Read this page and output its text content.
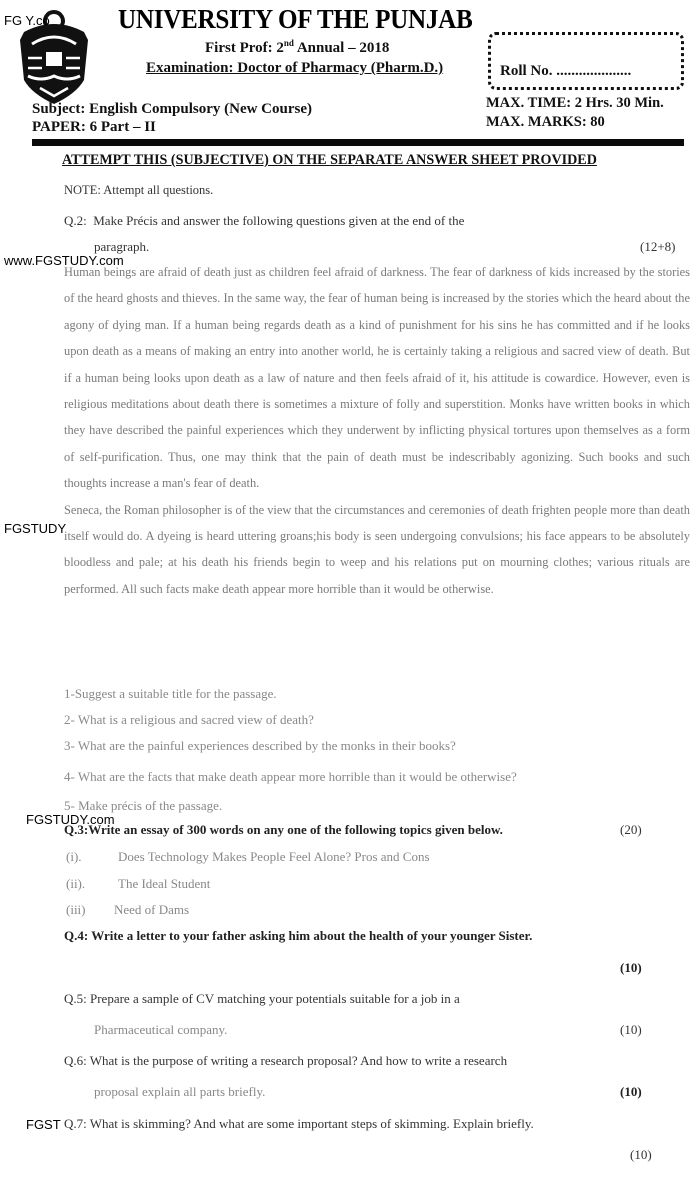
FG Y.co	UNIVERSITY OF THE PUNJAB
First Prof: 2nd Annual – 2018
Examination: Doctor of Pharmacy (Pharm.D.)	Roll No. ....................
Subject: English Compulsory (New Course)
PAPER: 6 Part – II
MAX. TIME: 2 Hrs. 30 Min.
MAX. MARKS: 80
ATTEMPT THIS (SUBJECTIVE) ON THE SEPARATE ANSWER SHEET PROVIDED
NOTE: Attempt all questions.
Q.2: Make Précis and answer the following questions given at the end of the
paragraph.	(12+8)
www.FGSTUDY.com

Human beings are afraid of death just as children feel afraid of darkness. The fear of darkness of kids increased by the stories of the heard ghosts and thieves. In the same way, the fear of human being is increased by the stories which the heard about the agony of dying man. If a human being regards death as a kind of punishment for his sins he has committed and if he looks upon death as a means of making an entry into another world, he is certainly taking a religious and sacred view of death. But if a human being looks upon death as a law of nature and then feels afraid of it, his attitude is cowardice. However, even is religious meditations about death there is sometimes a mixture of folly and superstition. Monks have written books in which they have described the painful experiences which they underwent by inflicting physical tortures upon themselves as a form of self-purification. Thus, one may think that the pain of death must be indescribably agonizing. Such books and such thoughts increase a man's fear of death.

Seneca, the Roman philosopher is of the view that the circumstances and ceremonies of death frighten people more than death itself would do. A dyeing is heard uttering groans;his body is seen undergoing convulsions; his face appears to be absolutely bloodless and pale; at his death his friends begin to weep and his relations put on mourning clothes; various rituals are performed. All such facts make death appear more horrible than it would be otherwise.

FGSTUDY
1-Suggest a suitable title for the passage.
2- What is a religious and sacred view of death?
3- What are the painful experiences described by the monks in their books?
4- What are the facts that make death appear more horrible than it would be otherwise?
5- Make précis of the passage.
FGSTUDY.com
Q.3:Write an essay of 300 words on any one of the following topics given below.	(20)
(i).	Does Technology Makes People Feel Alone? Pros and Cons
(ii).	The Ideal Student
(iii) Need of Dams
Q.4: Write a letter to your father asking him about the health of your younger Sister.
(10)
Q.5: Prepare a sample of CV matching your potentials suitable for a job in a
Pharmaceutical company.	(10)
Q.6: What is the purpose of writing a research proposal? And how to write a research
proposal explain all parts briefly.	(10)
FGST Q.7: What is skimming? And what are some important steps of skimming. Explain briefly.
(10)
